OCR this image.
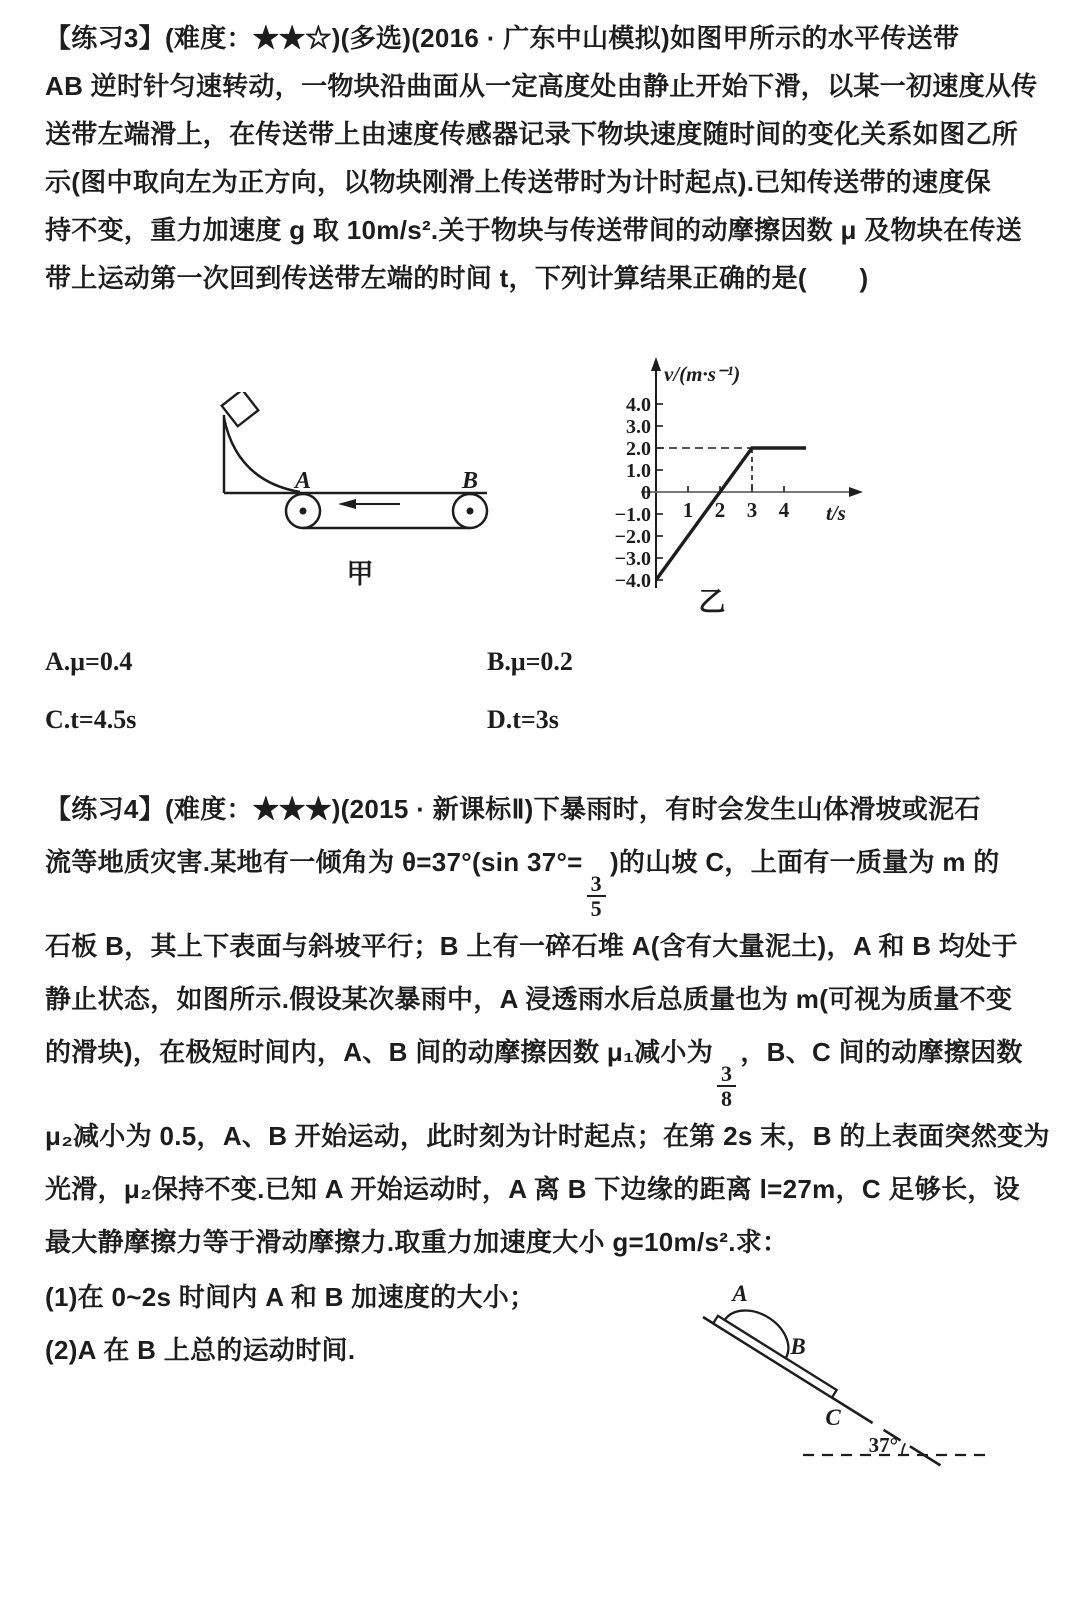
【练习3】(难度：★★☆)(多选)(2016 · 广东中山模拟)如图甲所示的水平传送带
AB 逆时针匀速转动，一物块沿曲面从一定高度处由静止开始下滑，以某一初速度从传
送带左端滑上，在传送带上由速度传感器记录下物块速度随时间的变化关系如图乙所
示(图中取向左为正方向，以物块刚滑上传送带时为计时起点).已知传送带的速度保
持不变，重力加速度 g 取 10m/s².关于物块与传送带间的动摩擦因数 μ 及物块在传送
带上运动第一次回到传送带左端的时间 t，下列计算结果正确的是(　　)
A	B
甲
4.0
3.0
2.0
1.0
0
−1.0
−2.0
−3.0
−4.0
1 2 3 4
v/(m·s⁻¹)
t/s
乙
A.μ=0.4	B.μ=0.2
C.t=4.5s	D.t=3s
【练习4】(难度：★★★)(2015 · 新课标Ⅱ)下暴雨时，有时会发生山体滑坡或泥石
流等地质灾害.某地有一倾角为 θ=37°(sin 37°=
$\frac{3}{5}$
)的山坡 C，上面有一质量为 m 的
石板 B，其上下表面与斜坡平行；B 上有一碎石堆 A(含有大量泥土)，A 和 B 均处于
静止状态，如图所示.假设某次暴雨中，A 浸透雨水后总质量也为 m(可视为质量不变
的滑块)，在极短时间内，A、B 间的动摩擦因数 μ₁减小为
$\frac{3}{8}$
，B、C 间的动摩擦因数
μ₂减小为 0.5，A、B 开始运动，此时刻为计时起点；在第 2s 末，B 的上表面突然变为
光滑，μ₂保持不变.已知 A 开始运动时，A 离 B 下边缘的距离 l=27m，C 足够长，设
最大静摩擦力等于滑动摩擦力.取重力加速度大小 g=10m/s².求：
(1)在 0~2s 时间内 A 和 B 加速度的大小；
(2)A 在 B 上总的运动时间.
A
B
C
37°
